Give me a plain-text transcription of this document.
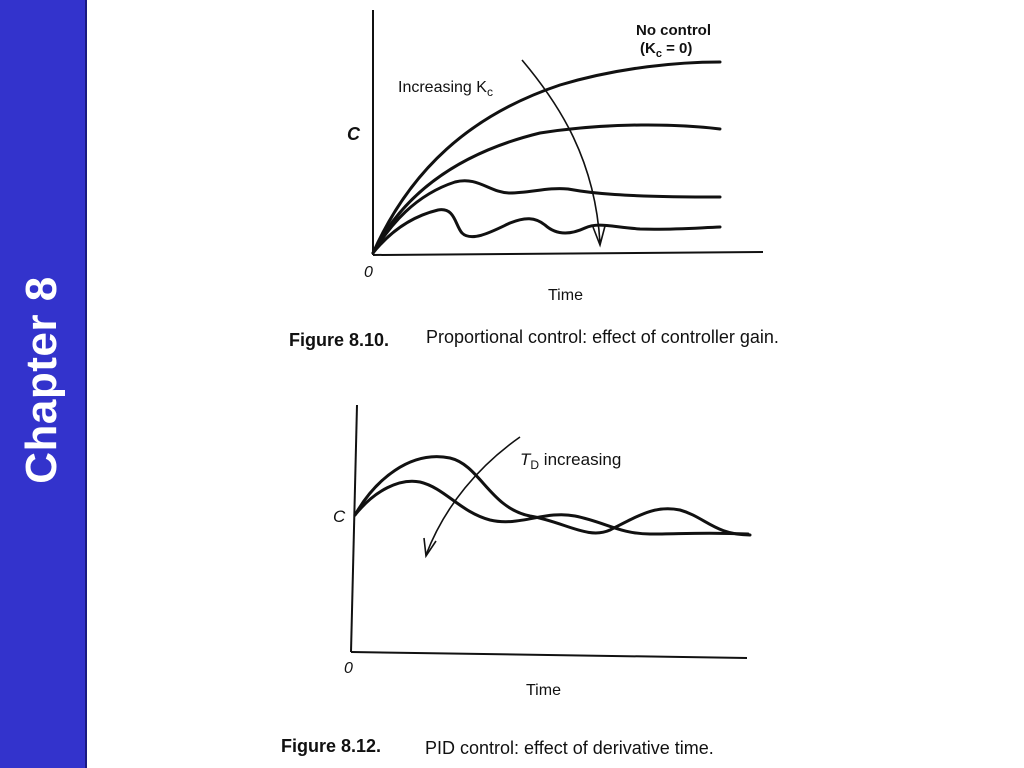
Chapter 8
C
0
Time
Increasing $K_c$
No control
$(K_c = 0)$
Figure 8.10. Proportional control: effect of controller gain.
C
0
Time
$T_D$ increasing
Figure 8.12. PID control: effect of derivative time.
